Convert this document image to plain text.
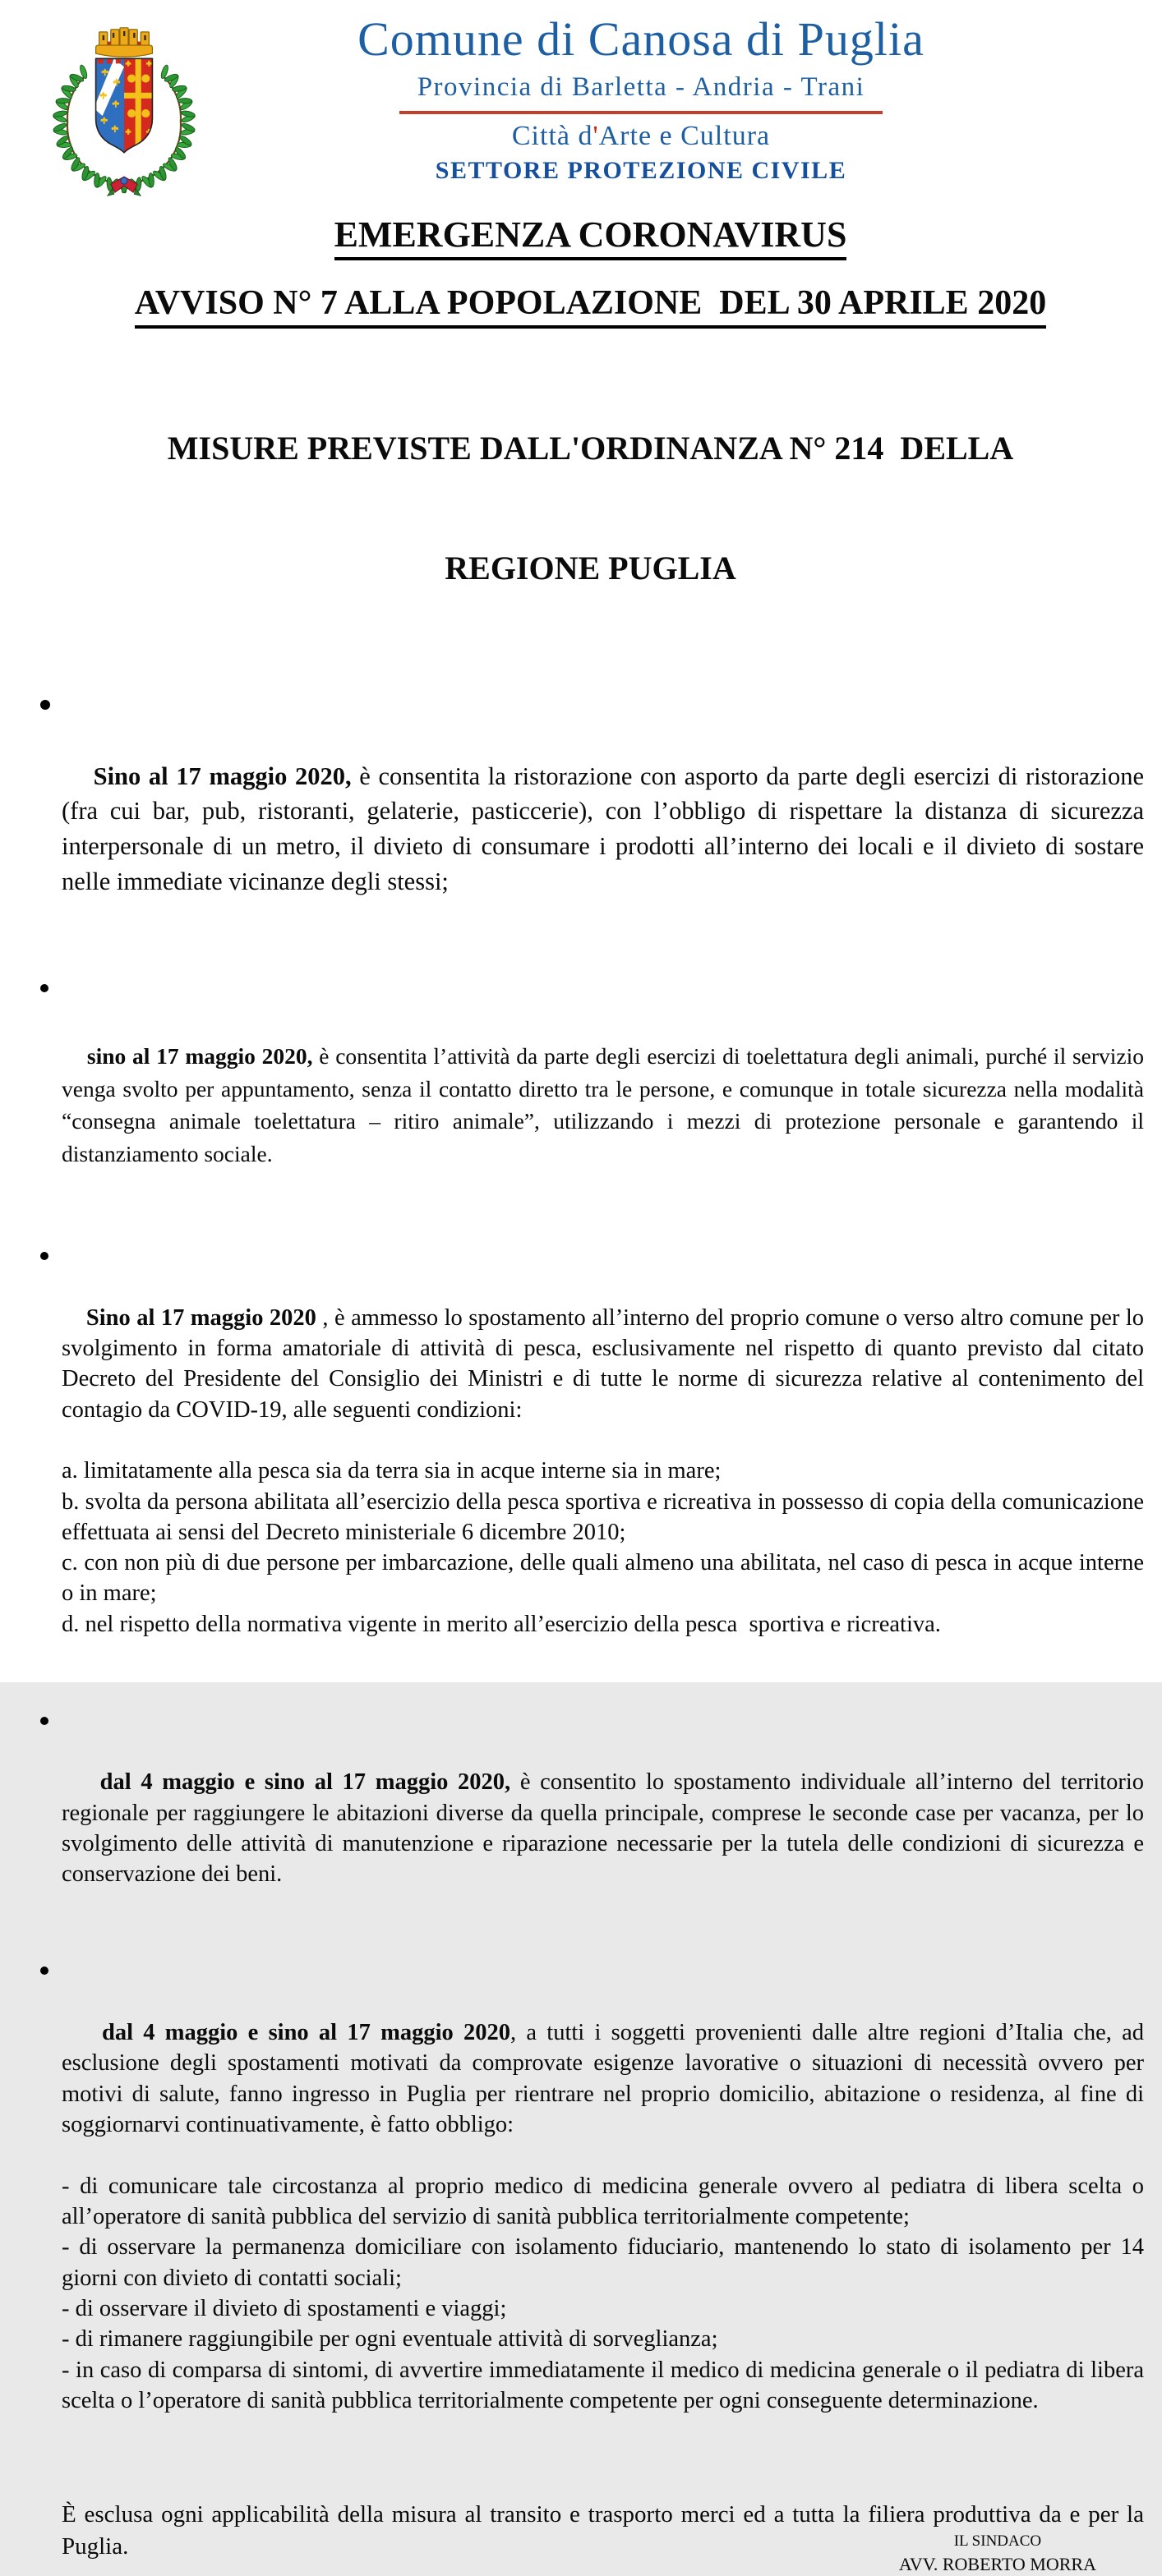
Comune di Canosa di Puglia
Provincia di Barletta - Andria - Trani
Città d'Arte e Cultura
SETTORE PROTEZIONE CIVILE
EMERGENZA CORONAVIRUS
AVVISO N° 7 ALLA POPOLAZIONE  DEL 30 APRILE 2020

MISURE PREVISTE DALL'ORDINANZA N° 214  DELLA

REGIONE PUGLIA

Sino al 17 maggio 2020, è consentita la ristorazione con asporto da parte degli esercizi di ristorazione (fra cui bar, pub, ristoranti, gelaterie, pasticcerie), con l’obbligo di rispettare la distanza di sicurezza interpersonale di un metro, il divieto di consumare i prodotti all’interno dei locali e il divieto di sostare nelle immediate vicinanze degli stessi;

sino al 17 maggio 2020, è consentita l’attività da parte degli esercizi di toelettatura degli animali, purché il servizio venga svolto per appuntamento, senza il contatto diretto tra le persone, e comunque in totale sicurezza nella modalità “consegna animale toelettatura – ritiro animale”, utilizzando i mezzi di protezione personale e garantendo il distanziamento sociale.

Sino al 17 maggio 2020 , è ammesso lo spostamento all’interno del proprio comune o verso altro comune per lo svolgimento in forma amatoriale di attività di pesca, esclusivamente nel rispetto di quanto previsto dal citato Decreto del Presidente del Consiglio dei Ministri e di tutte le norme di sicurezza relative al contenimento del contagio da COVID-19, alle seguenti condizioni:

a. limitatamente alla pesca sia da terra sia in acque interne sia in mare;
b. svolta da persona abilitata all’esercizio della pesca sportiva e ricreativa in possesso di copia della comunicazione effettuata ai sensi del Decreto ministeriale 6 dicembre 2010;
c. con non più di due persone per imbarcazione, delle quali almeno una abilitata, nel caso di pesca in acque interne o in mare;
d. nel rispetto della normativa vigente in merito all’esercizio della pesca  sportiva e ricreativa.

dal 4 maggio e sino al 17 maggio 2020, è consentito lo spostamento individuale all’interno del territorio regionale per raggiungere le abitazioni diverse da quella principale, comprese le seconde case per vacanza, per lo svolgimento delle attività di manutenzione e riparazione necessarie per la tutela delle condizioni di sicurezza e conservazione dei beni.

dal 4 maggio e sino al 17 maggio 2020, a tutti i soggetti provenienti dalle altre regioni d’Italia che, ad esclusione degli spostamenti motivati da comprovate esigenze lavorative o situazioni di necessità ovvero per motivi di salute, fanno ingresso in Puglia per rientrare nel proprio domicilio, abitazione o residenza, al fine di soggiornarvi continuativamente, è fatto obbligo:

- di comunicare tale circostanza al proprio medico di medicina generale ovvero al pediatra di libera scelta o all’operatore di sanità pubblica del servizio di sanità pubblica territorialmente competente;
- di osservare la permanenza domiciliare con isolamento fiduciario, mantenendo lo stato di isolamento per 14 giorni con divieto di contatti sociali;
- di osservare il divieto di spostamenti e viaggi;
- di rimanere raggiungibile per ogni eventuale attività di sorveglianza;
- in caso di comparsa di sintomi, di avvertire immediatamente il medico di medicina generale o il pediatra di libera scelta o l’operatore di sanità pubblica territorialmente competente per ogni conseguente determinazione.

È esclusa ogni applicabilità della misura al transito e trasporto merci ed a tutta la filiera produttiva da e per la Puglia.	IL SINDACO
AVV. ROBERTO MORRA
